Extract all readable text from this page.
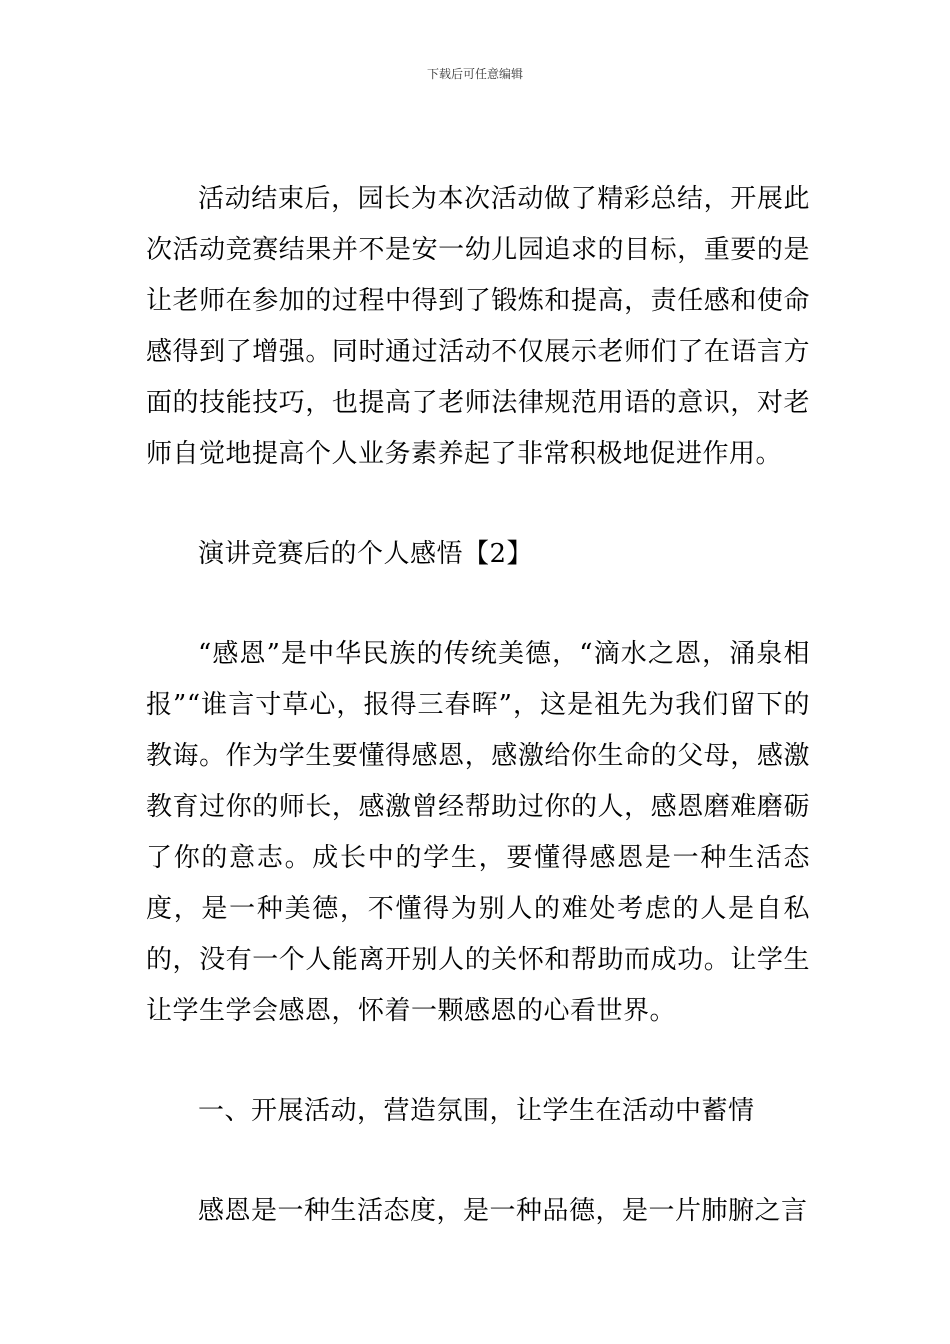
下载后可任意编辑

活动结束后，园长为本次活动做了精彩总结，开展此次活动竞赛结果并不是安一幼儿园追求的目标，重要的是让老师在参加的过程中得到了锻炼和提高，责任感和使命感得到了增强。同时通过活动不仅展示老师们了在语言方面的技能技巧，也提高了老师法律规范用语的意识，对老师自觉地提高个人业务素养起了非常积极地促进作用。

演讲竞赛后的个人感悟【2】

“感恩”是中华民族的传统美德，“滴水之恩，涌泉相报”“谁言寸草心，报得三春晖”，这是祖先为我们留下的教诲。作为学生要懂得感恩，感激给你生命的父母，感激教育过你的师长，感激曾经帮助过你的人，感恩磨难磨砺了你的意志。成长中的学生，要懂得感恩是一种生活态度，是一种美德，不懂得为别人的难处考虑的人是自私的，没有一个人能离开别人的关怀和帮助而成功。让学生让学生学会感恩，怀着一颗感恩的心看世界。

一、开展活动，营造氛围，让学生在活动中蓄情

感恩是一种生活态度，是一种品德，是一片肺腑之言
